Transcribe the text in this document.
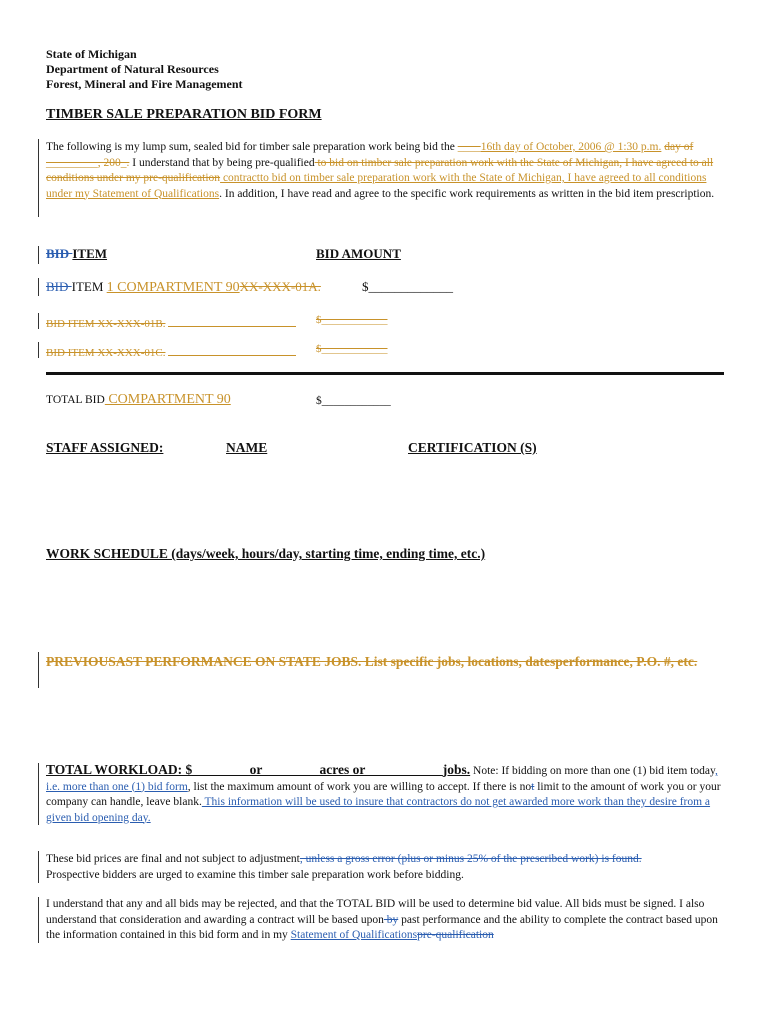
State of Michigan
Department of Natural Resources
Forest, Mineral and Fire Management
TIMBER SALE PREPARATION BID FORM
The following is my lump sum, sealed bid for timber sale preparation work being bid the ____16th day of October, 2006 @ 1:30 p.m. day of _________, 200_. I understand that by being pre-qualified to bid on timber sale preparation work with the State of Michigan, I have agreed to all conditions under my pre-qualification contractto bid on timber sale preparation work with the State of Michigan, I have agreed to all conditions under my Statement of Qualifications. In addition, I have read and agree to the specific work requirements as written in the bid item prescription.
BID ITEM	BID AMOUNT
BID ITEM 1 COMPARTMENT 90XX-XXX-01A.	$_____________
BID ITEM XX-XXX-01B.	$____________
BID ITEM XX-XXX-01C.	$____________
TOTAL BID COMPARTMENT 90	$____________
STAFF ASSIGNED:	NAME	CERTIFICATION (S)
WORK SCHEDULE (days/week, hours/day, starting time, ending time, etc.)
PREVIOUSAST PERFORMANCE ON STATE JOBS. List specific jobs, locations, datesperformance, P.O. #, etc.
TOTAL WORKLOAD: $________ or ________acres or ___________jobs. Note: If bidding on more than one (1) bid item today, i.e. more than one (1) bid form, list the maximum amount of work you are willing to accept. If there is not limit to the amount of work you or your company can handle, leave blank. This information will be used to insure that contractors do not get awarded more work than they desire from a given bid opening day.
These bid prices are final and not subject to adjustment, unless a gross error (plus or minus 25% of the prescribed work) is found.
Prospective bidders are urged to examine this timber sale preparation work before bidding.
I understand that any and all bids may be rejected, and that the TOTAL BID will be used to determine bid value. All bids must be signed. I also understand that consideration and awarding a contract will be based upon by past performance and the ability to complete the contract based upon the information contained in this bid form and in my Statement of Qualificationspre-qualification
